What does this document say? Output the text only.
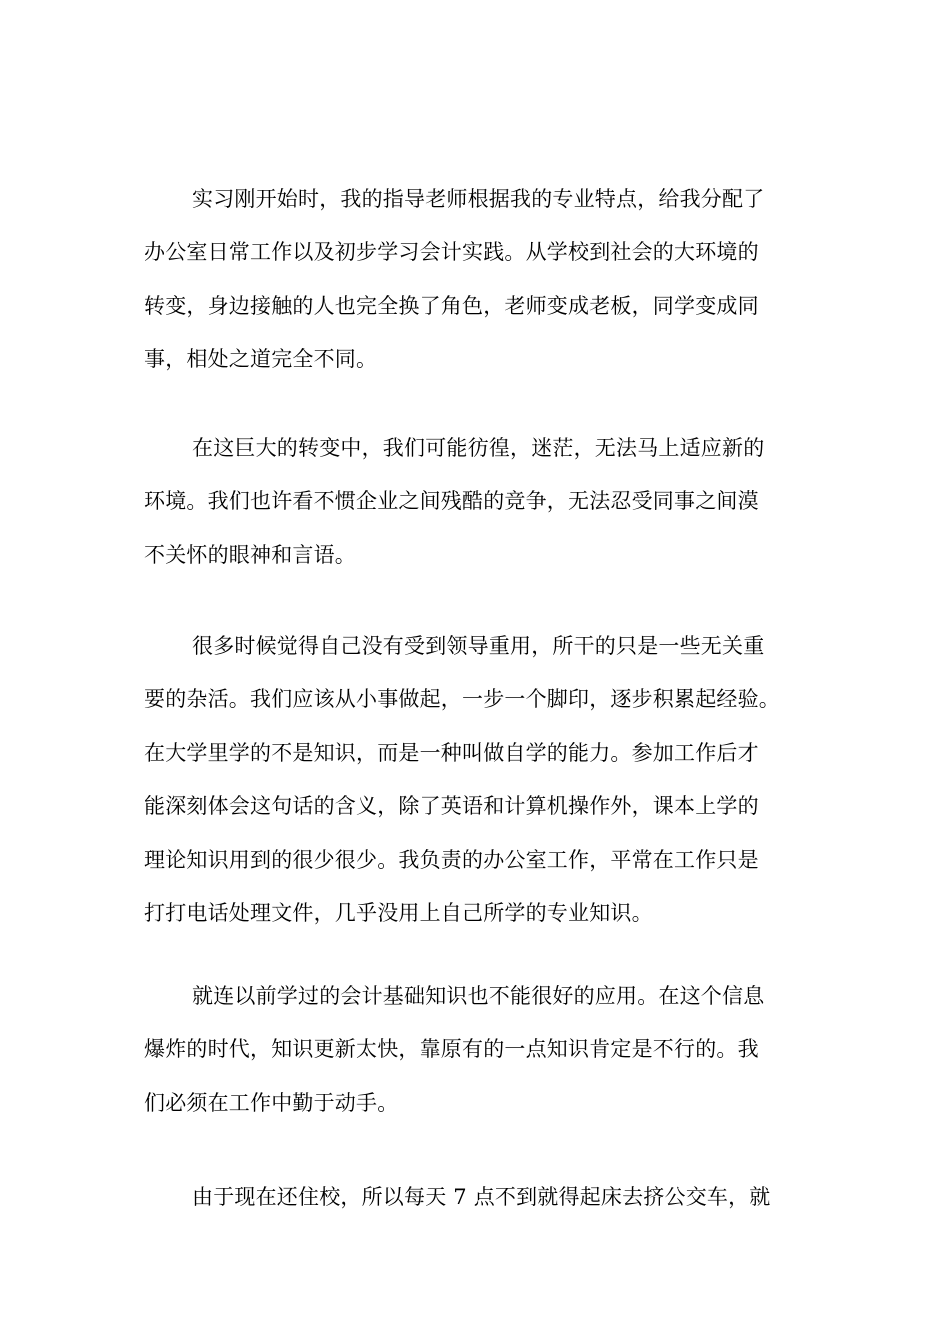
实习刚开始时，我的指导老师根据我的专业特点，给我分配了
办公室日常工作以及初步学习会计实践。从学校到社会的大环境的
转变，身边接触的人也完全换了角色，老师变成老板，同学变成同
事，相处之道完全不同。
在这巨大的转变中，我们可能彷徨，迷茫，无法马上适应新的
环境。我们也许看不惯企业之间残酷的竞争，无法忍受同事之间漠
不关怀的眼神和言语。
很多时候觉得自己没有受到领导重用，所干的只是一些无关重
要的杂活。我们应该从小事做起，一步一个脚印，逐步积累起经验。
在大学里学的不是知识，而是一种叫做自学的能力。参加工作后才
能深刻体会这句话的含义，除了英语和计算机操作外，课本上学的
理论知识用到的很少很少。我负责的办公室工作，平常在工作只是
打打电话处理文件，几乎没用上自己所学的专业知识。
就连以前学过的会计基础知识也不能很好的应用。在这个信息
爆炸的时代，知识更新太快，靠原有的一点知识肯定是不行的。我
们必须在工作中勤于动手。
由于现在还住校，所以每天 7 点不到就得起床去挤公交车，就
